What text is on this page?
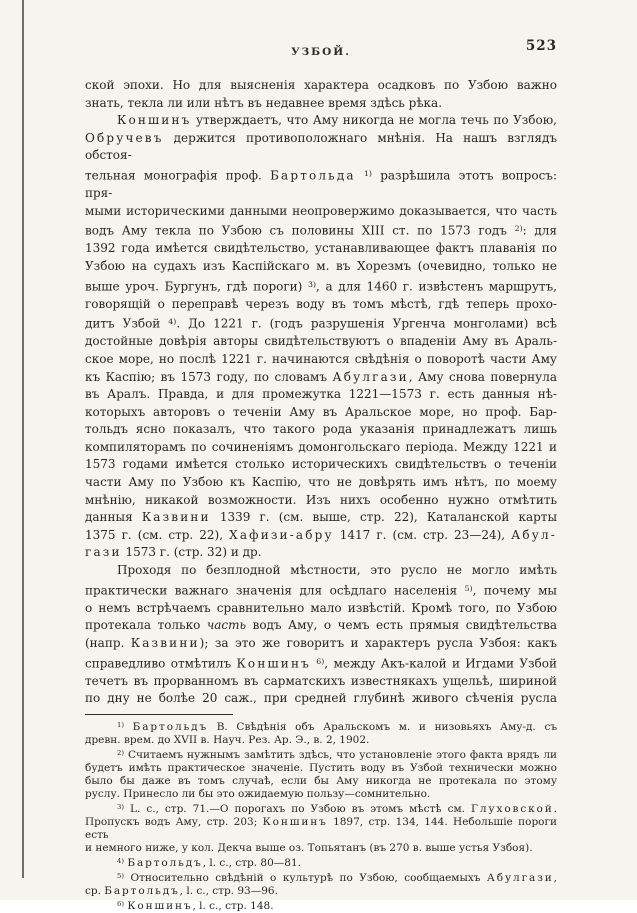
УЗБОЙ.	523
ской эпохи. Но для выясненія характера осадковъ по Узбою важно
знать, текла ли или нѣтъ въ недавнее время здѣсь рѣка.
Коншинъ утверждаетъ, что Аму никогда не могла течь по Узбою,
Обручевъ держится противоположнаго мнѣнія. На нашъ взглядъ обстоя-
тельная монографія проф. Бартольда $^{1)}$ разрѣшила этотъ вопросъ: пря-
мыми историческими данными неопровержимо доказывается, что часть
водъ Аму текла по Узбою съ половины XIII ст. по 1573 годъ $^{2)}$: для
1392 года имѣется свидѣтельство, устанавливающее фактъ плаванія по
Узбою на судахъ изъ Каспійскаго м. въ Хорезмъ (очевидно, только не
выше уроч. Бургунъ, гдѣ пороги) $^{3)}$, а для 1460 г. извѣстенъ маршрутъ,
говорящій о переправѣ черезъ воду въ томъ мѣстѣ, гдѣ теперь прохо-
дитъ Узбой $^{4)}$. До 1221 г. (годъ разрушенія Ургенча монголами) всѣ
достойные довѣрія авторы свидѣтельствуютъ о впаденіи Аму въ Араль-
ское море, но послѣ 1221 г. начинаются свѣдѣнія о поворотѣ части Аму
къ Каспію; въ 1573 году, по словамъ Абулгази, Аму снова повернула
въ Аралъ. Правда, и для промежутка 1221—1573 г. есть данныя нѣ-
которыхъ авторовъ о теченіи Аму въ Аральское море, но проф. Бар-
тольдъ ясно показалъ, что такого рода указанія принадлежатъ лишь
компиляторамъ по сочиненіямъ домонгольскаго періода. Между 1221 и
1573 годами имѣется столько историческихъ свидѣтельствъ о теченіи
части Аму по Узбою къ Каспію, что не довѣрять имъ нѣтъ, по моему
мнѣнію, никакой возможности. Изъ нихъ особенно нужно отмѣтить
данныя Казвини 1339 г. (см. выше, стр. 22), Каталанской карты
1375 г. (см. стр. 22), Хафизи-абру 1417 г. (см. стр. 23—24), Абул-
гази 1573 г. (стр. 32) и др.
Проходя по безплодной мѣстности, это русло не могло имѣть
практически важнаго значенія для осѣдлаго населенія $^{5)}$, почему мы
о немъ встрѣчаемъ сравнительно мало извѣстій. Кромѣ того, по Узбою
протекала только часть водъ Аму, о чемъ есть прямыя свидѣтельства
(напр. Казвини); за это же говоритъ и характеръ русла Узбоя: какъ
справедливо отмѣтилъ Коншинъ $^{6)}$, между Акъ-калой и Игдами Узбой
течетъ въ прорванномъ въ сарматскихъ известнякахъ ущельѣ, шириной
по дну не болѣе 20 саж., при средней глубинѣ живого сѣченія русла
$^{1)}$ Бартольдъ В. Свѣдѣнія объ Аральскомъ м. и низовьяхъ Аму-д. съ
древн. врем. до XVII в. Науч. Рез. Ар. Э., в. 2, 1902.
$^{2)}$ Считаемъ нужнымъ замѣтить здѣсь, что установленіе этого факта врядъ ли
будетъ имѣть практическое значеніе. Пустить воду въ Узбой технически можно
было бы даже въ томъ случаѣ, если бы Аму никогда не протекала по этому
руслу. Принесло ли бы это ожидаемую пользу—сомнительно.
$^{3)}$ L. c., стр. 71.—О порогахъ по Узбою въ этомъ мѣстѣ см. Глуховской.
Пропускъ водъ Аму, стр. 203; Коншинъ 1897, стр. 134, 144. Небольшіе пороги есть
и немного ниже, у кол. Декча выше оз. Топьятанъ (въ 270 в. выше устья Узбоя).
$^{4)}$ Бартольдъ, l. c., стр. 80—81.
$^{5)}$ Относительно свѣдѣній о культурѣ по Узбою, сообщаемыхъ Абулгази,
ср. Бартольдъ, l. c., стр. 93—96.
$^{6)}$ Коншинъ, l. c., стр. 148.
